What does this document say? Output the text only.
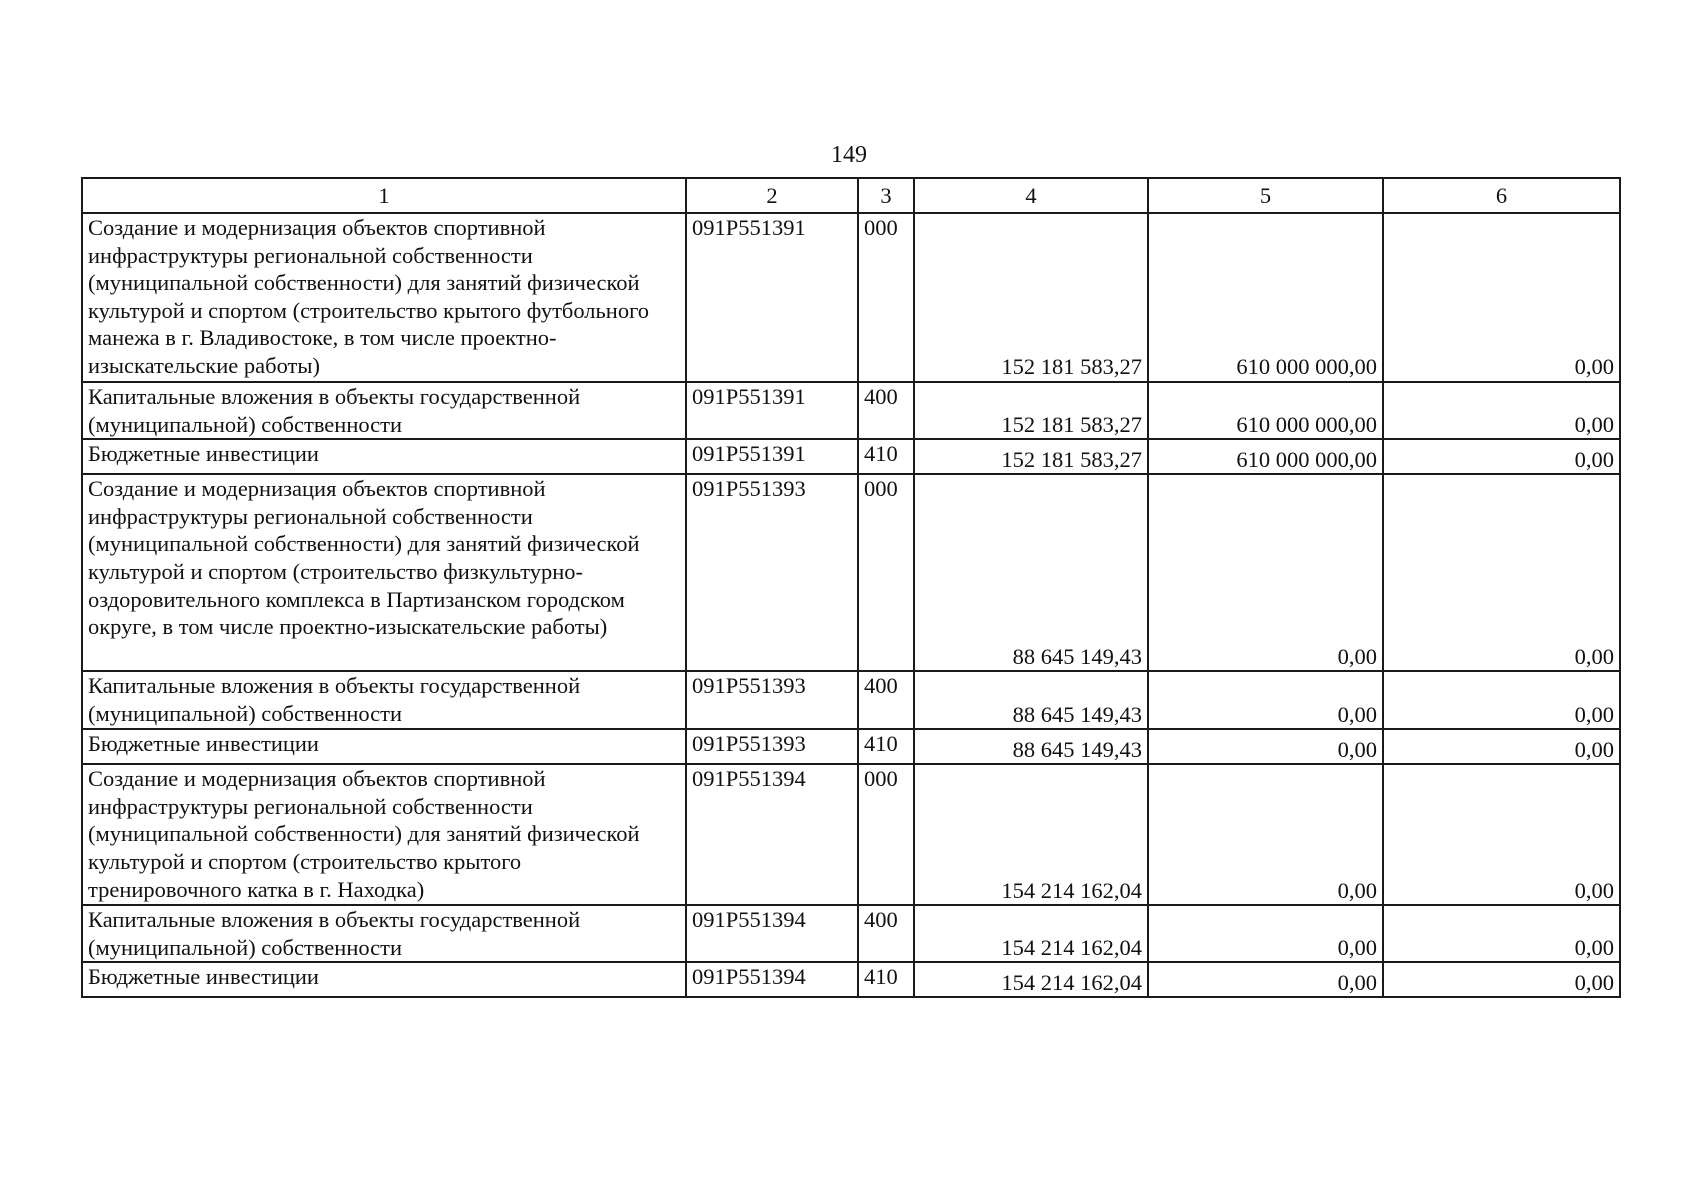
149
1	2	3	4	5	6
Создание и модернизация объектов спортивной инфраструктуры региональной собственности (муниципальной собственности) для занятий физической культурой и спортом (строительство крытого футбольного манежа в г. Владивостоке, в том числе проектно-изыскательские работы)	091P551391	000	152 181 583,27	610 000 000,00	0,00
Капитальные вложения в объекты государственной (муниципальной) собственности	091P551391	400	152 181 583,27	610 000 000,00	0,00
Бюджетные инвестиции	091P551391	410	152 181 583,27	610 000 000,00	0,00
Создание и модернизация объектов спортивной инфраструктуры региональной собственности (муниципальной собственности) для занятий физической культурой и спортом (строительство физкультурно-оздоровительного комплекса в Партизанском городском округе, в том числе проектно-изыскательские работы)	091P551393	000	88 645 149,43	0,00	0,00
Капитальные вложения в объекты государственной (муниципальной) собственности	091P551393	400	88 645 149,43	0,00	0,00
Бюджетные инвестиции	091P551393	410	88 645 149,43	0,00	0,00
Создание и модернизация объектов спортивной инфраструктуры региональной собственности (муниципальной собственности) для занятий физической культурой и спортом (строительство крытого тренировочного катка в г. Находка)	091P551394	000	154 214 162,04	0,00	0,00
Капитальные вложения в объекты государственной (муниципальной) собственности	091P551394	400	154 214 162,04	0,00	0,00
Бюджетные инвестиции	091P551394	410	154 214 162,04	0,00	0,00
